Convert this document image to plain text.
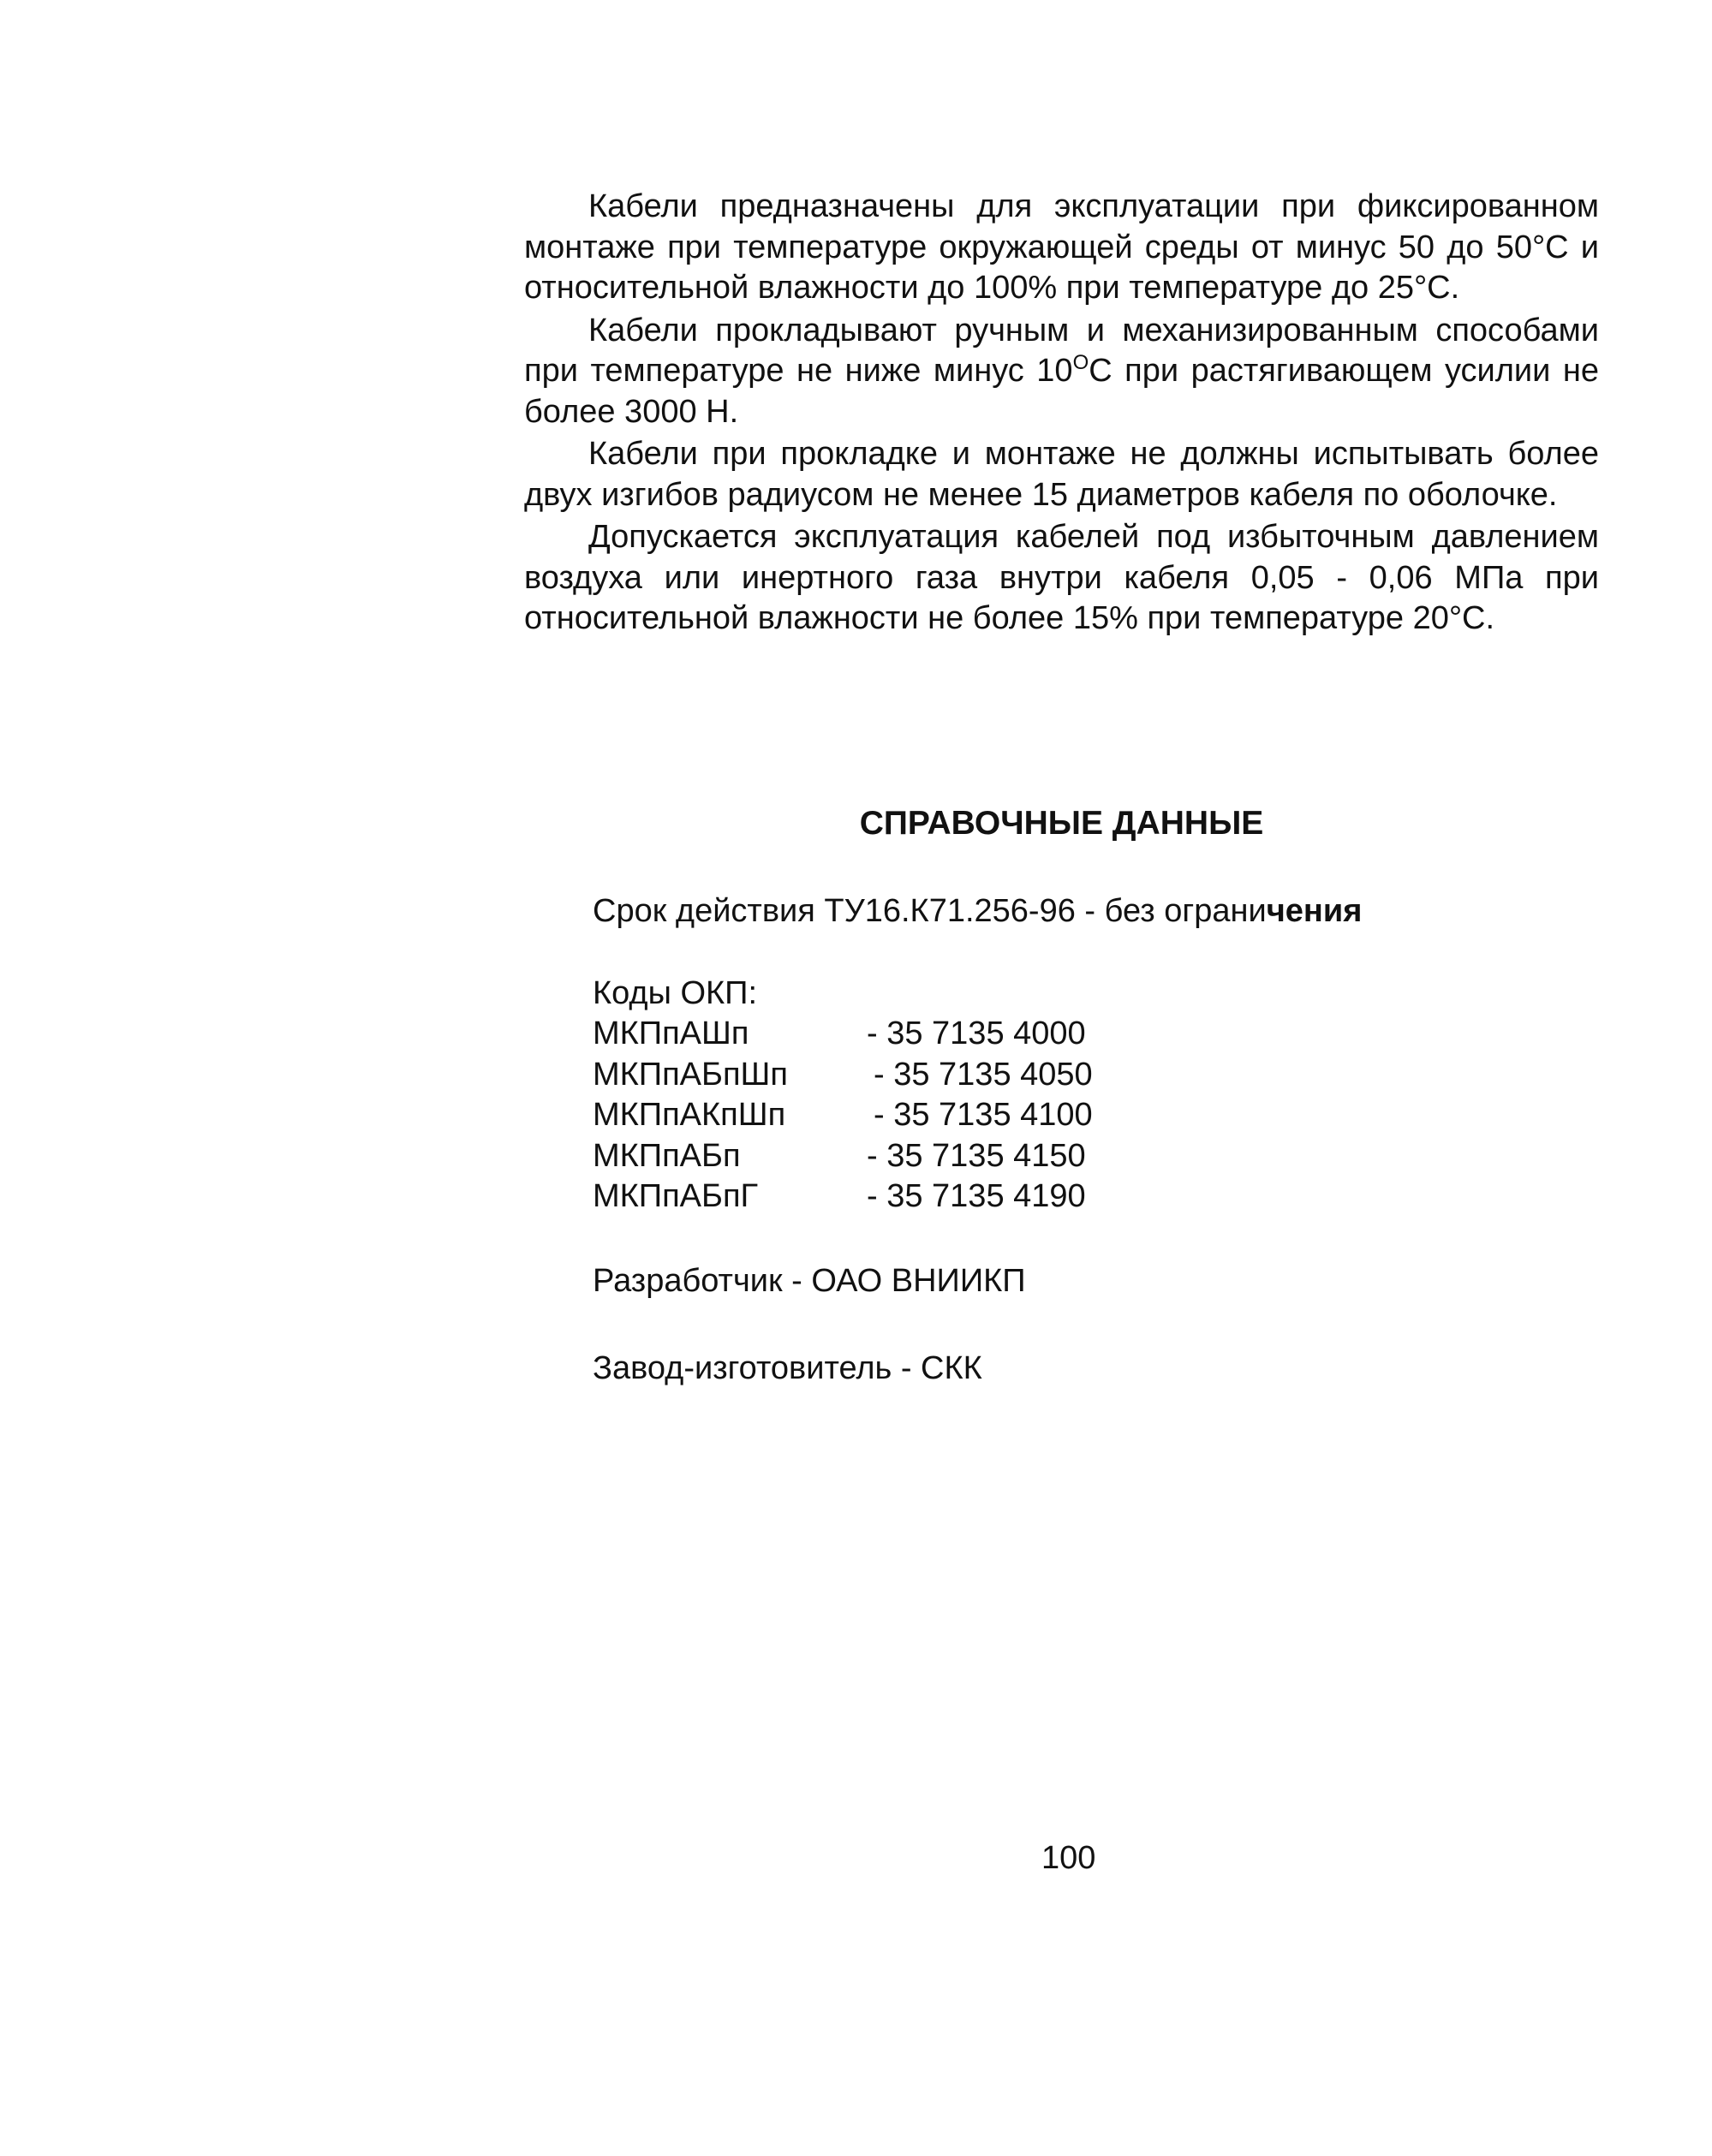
Кабели предназначены для эксплуатации при фиксированном монтаже при температуре окружающей среды от минус 50 до 50°С и относительной влажности до 100% при температуре до 25°С.

Кабели прокладывают ручным и механизированным способами при температуре не ниже минус $10^ОС$ при растягивающем усилии не более 3000 Н.

Кабели при прокладке и монтаже не должны испытывать более двух изгибов радиусом не менее 15 диаметров кабеля по оболочке.

Допускается эксплуатация кабелей под избыточным давлением воздуха или инертного газа внутри кабеля 0,05 - 0,06 МПа при относительной влажности не более 15% при температуре 20°С.

СПРАВОЧНЫЕ ДАННЫЕ
Срок действия ТУ16.К71.256-96 - без ограничения
Коды ОКП:
МКПпАШп	- 35 7135 4000
МКПпАБпШп	- 35 7135 4050
МКПпАКпШп	- 35 7135 4100
МКПпАБп	- 35 7135 4150
МКПпАБпГ	- 35 7135 4190
Разработчик - ОАО ВНИИКП
Завод-изготовитель - СКК
100
